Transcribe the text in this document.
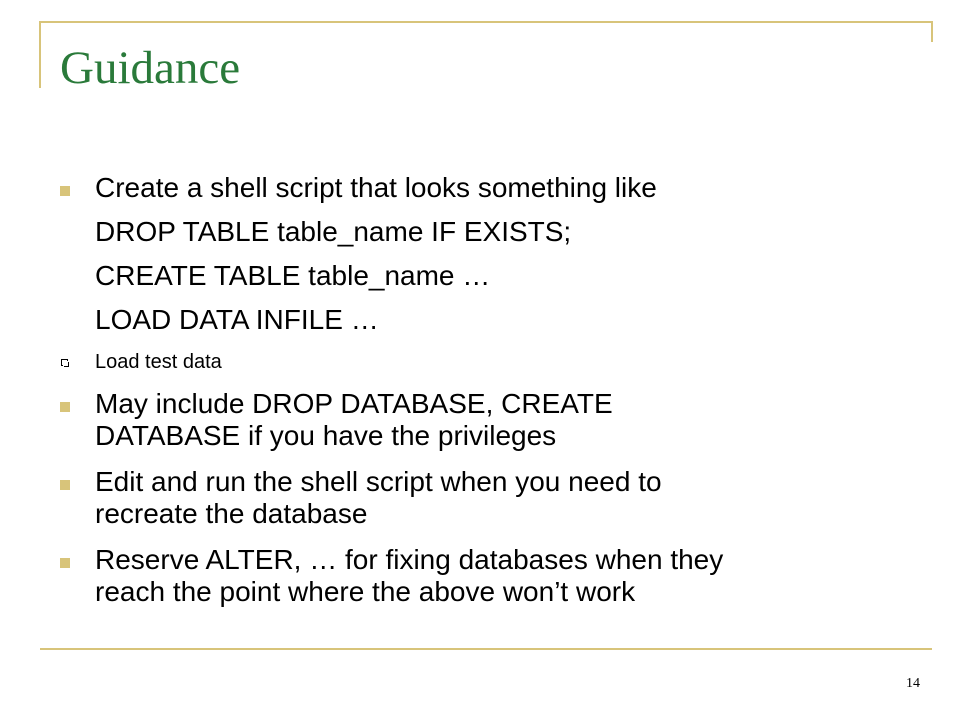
Guidance
Create a shell script that looks something like
DROP TABLE table_name IF EXISTS;
CREATE TABLE table_name …
LOAD DATA INFILE …
Load test data
May include DROP DATABASE, CREATE
DATABASE if you have the privileges
Edit and run the shell script when you need to
recreate the database
Reserve ALTER, … for fixing databases when they
reach the point where the above won’t work
14
